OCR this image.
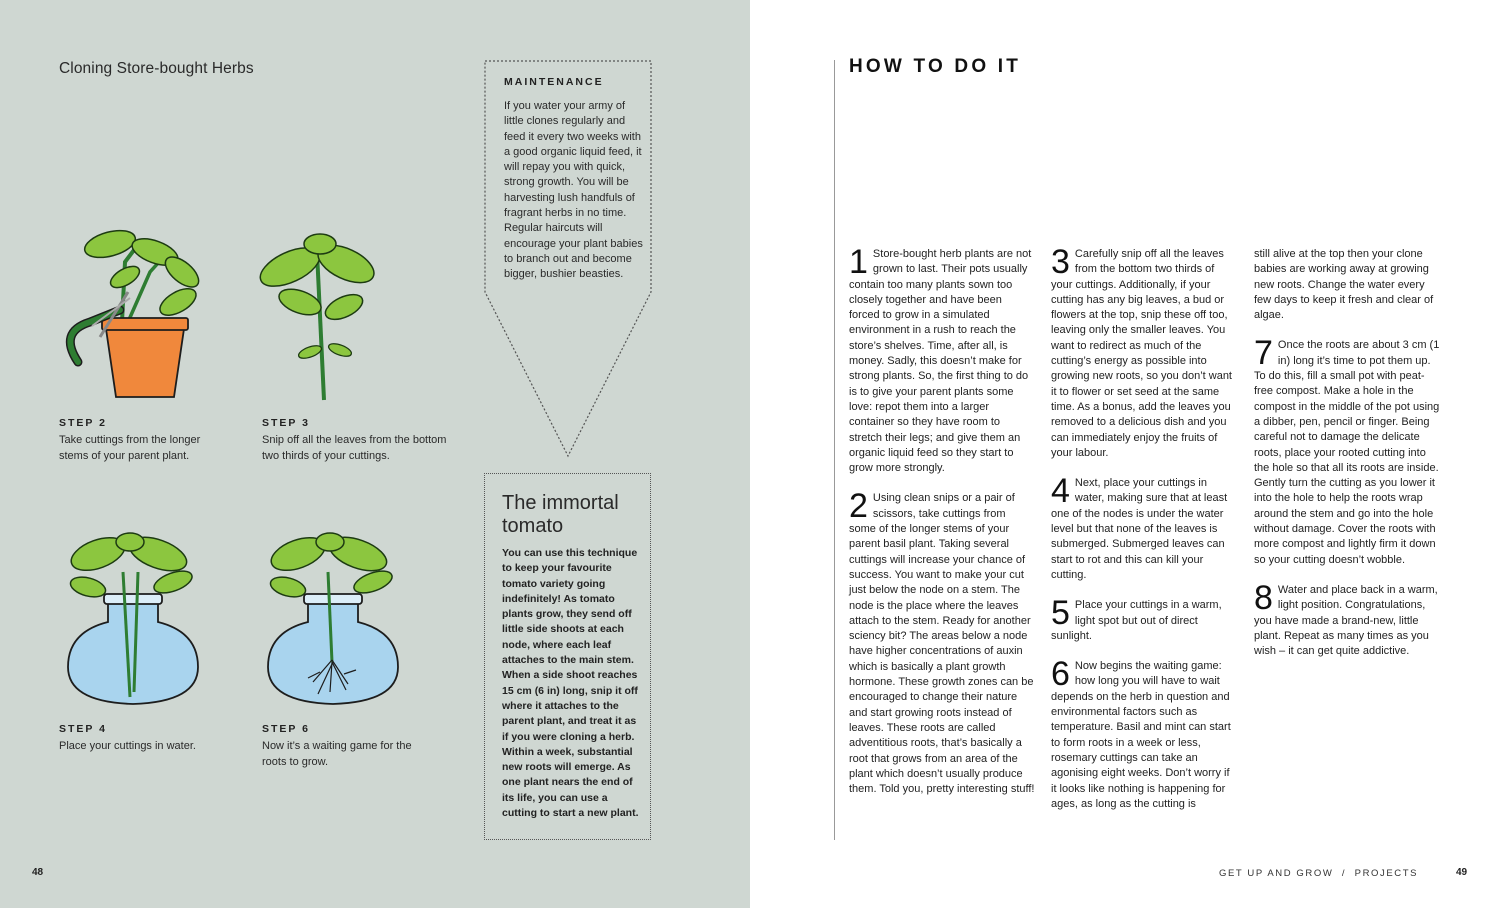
Cloning Store-bought Herbs
STEP 2
Take cuttings from the longer stems of your parent plant.
STEP 3
Snip off all the leaves from the bottom two thirds of your cuttings.
STEP 4
Place your cuttings in water.
STEP 6
Now it’s a waiting game for the roots to grow.
MAINTENANCE
If you water your army of little clones regularly and feed it every two weeks with a good organic liquid feed, it will repay you with quick, strong growth. You will be harvesting lush handfuls of fragrant herbs in no time. Regular haircuts will encourage your plant babies to branch out and become bigger, bushier beasties.
The immortal tomato
You can use this technique to keep your favourite tomato variety going indefinitely! As tomato plants grow, they send off little side shoots at each node, where each leaf attaches to the main stem. When a side shoot reaches 15 cm (6 in) long, snip it off where it attaches to the parent plant, and treat it as if you were cloning a herb. Within a week, substantial new roots will emerge. As one plant nears the end of its life, you can use a cutting to start a new plant.
48
HOW TO DO IT
1 Store-bought herb plants are not grown to last. Their pots usually contain too many plants sown too closely together and have been forced to grow in a simulated environment in a rush to reach the store’s shelves. Time, after all, is money. Sadly, this doesn’t make for strong plants. So, the first thing to do is to give your parent plants some love: repot them into a larger container so they have room to stretch their legs; and give them an organic liquid feed so they start to grow more strongly.

2 Using clean snips or a pair of scissors, take cuttings from some of the longer stems of your parent basil plant. Taking several cuttings will increase your chance of success. You want to make your cut just below the node on a stem. The node is the place where the leaves attach to the stem. Ready for another sciency bit? The areas below a node have higher concentrations of auxin which is basically a plant growth hormone. These growth zones can be encouraged to change their nature and start growing roots instead of leaves. These roots are called adventitious roots, that’s basically a root that grows from an area of the plant which doesn’t usually produce them. Told you, pretty interesting stuff!

3 Carefully snip off all the leaves from the bottom two thirds of your cuttings. Additionally, if your cutting has any big leaves, a bud or flowers at the top, snip these off too, leaving only the smaller leaves. You want to redirect as much of the cutting’s energy as possible into growing new roots, so you don’t want it to flower or set seed at the same time. As a bonus, add the leaves you removed to a delicious dish and you can immediately enjoy the fruits of your labour.

4 Next, place your cuttings in water, making sure that at least one of the nodes is under the water level but that none of the leaves is submerged. Submerged leaves can start to rot and this can kill your cutting.

5 Place your cuttings in a warm, light spot but out of direct sunlight.

6 Now begins the waiting game: how long you will have to wait depends on the herb in question and environmental factors such as temperature. Basil and mint can start to form roots in a week or less, rosemary cuttings can take an agonising eight weeks. Don’t worry if it looks like nothing is happening for ages, as long as the cutting is

still alive at the top then your clone babies are working away at growing new roots. Change the water every few days to keep it fresh and clear of algae.

7 Once the roots are about 3 cm (1 in) long it’s time to pot them up. To do this, fill a small pot with peat-free compost. Make a hole in the compost in the middle of the pot using a dibber, pen, pencil or finger. Being careful not to damage the delicate roots, place your rooted cutting into the hole so that all its roots are inside. Gently turn the cutting as you lower it into the hole to help the roots wrap around the stem and go into the hole without damage. Cover the roots with more compost and lightly firm it down so your cutting doesn’t wobble.

8 Water and place back in a warm, light position. Congratulations, you have made a brand-new, little plant. Repeat as many times as you wish – it can get quite addictive.

GET UP AND GROW  /  PROJECTS	49
